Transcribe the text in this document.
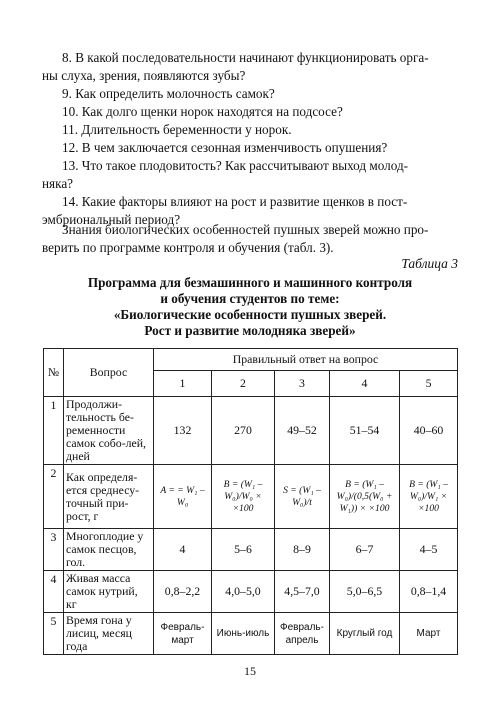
8. В какой последовательности начинают функционировать орга-
ны слуха, зрения, появляются зубы?
9. Как определить молочность самок?
10. Как долго щенки норок находятся на подсосе?
11. Длительность беременности у норок.
12. В чем заключается сезонная изменчивость опушения?
13. Что такое плодовитость? Как рассчитывают выход молод-
няка?
14. Какие факторы влияют на рост и развитие щенков в пост-
эмбриональный период?
Знания биологических особенностей пушных зверей можно про-
верить по программе контроля и обучения (табл. 3).
Таблица 3
Программа для безмашинного и машинного контроля
и обучения студентов по теме:
«Биологические особенности пушных зверей.
Рост и развитие молодняка зверей»
№	Вопрос	Правильный ответ на вопрос				
		1	2	3	4	5
1	Продолжи-тельность бе-ременности самок собо-лей, дней	132	270	49–52	51–54	40–60
2	Как определя-ется среднесу-точный при-рост, г	A = = W₁ – W₀	B = (W₁ – W₀)/W₀ × ×100	S = (W₁ – W₀)/t	B = (W₁ – W₀)/(0,5(W₀ + W₁)) × ×100	B = (W₁ – W₀)/W₁ × ×100
3	Многоплодие у самок песцов, гол.	4	5–6	8–9	6–7	4–5
4	Живая масса самок нутрий, кг	0,8–2,2	4,0–5,0	4,5–7,0	5,0–6,5	0,8–1,4
5	Время гона у лисиц, месяц года	Февраль-март	Июнь-июль	Февраль-апрель	Круглый год	Март
15
